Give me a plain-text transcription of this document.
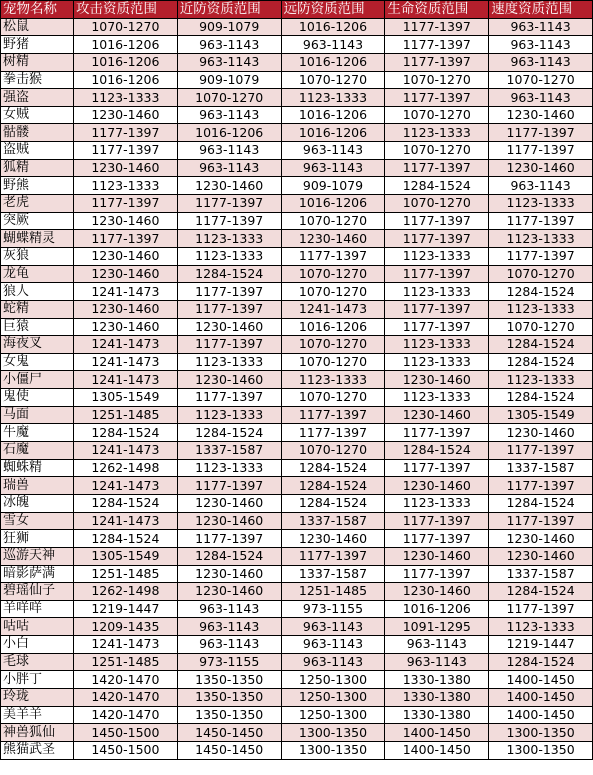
宠物名称	攻击资质范围	近防资质范围	远防资质范围	生命资质范围	速度资质范围
松鼠	1070-1270	909-1079	1016-1206	1177-1397	963-1143
野猪	1016-1206	963-1143	963-1143	1177-1397	963-1143
树精	1016-1206	963-1143	1016-1206	1177-1397	963-1143
拳击猴	1016-1206	909-1079	1070-1270	1070-1270	1070-1270
强盗	1123-1333	1070-1270	1123-1333	1177-1397	963-1143
女贼	1230-1460	963-1143	1016-1206	1070-1270	1230-1460
骷髅	1177-1397	1016-1206	1016-1206	1123-1333	1177-1397
盗贼	1177-1397	963-1143	963-1143	1070-1270	1177-1397
狐精	1230-1460	963-1143	963-1143	1177-1397	1230-1460
野熊	1123-1333	1230-1460	909-1079	1284-1524	963-1143
老虎	1177-1397	1177-1397	1016-1206	1070-1270	1123-1333
突厥	1230-1460	1177-1397	1070-1270	1177-1397	1177-1397
蝴蝶精灵	1177-1397	1123-1333	1230-1460	1177-1397	1123-1333
灰狼	1230-1460	1123-1333	1177-1397	1123-1333	1177-1397
龙龟	1230-1460	1284-1524	1070-1270	1177-1397	1070-1270
狼人	1241-1473	1177-1397	1070-1270	1123-1333	1284-1524
蛇精	1230-1460	1177-1397	1241-1473	1177-1397	1123-1333
巨猿	1230-1460	1230-1460	1016-1206	1177-1397	1070-1270
海夜叉	1241-1473	1177-1397	1070-1270	1123-1333	1284-1524
女鬼	1241-1473	1123-1333	1070-1270	1123-1333	1284-1524
小僵尸	1241-1473	1230-1460	1123-1333	1230-1460	1123-1333
鬼使	1305-1549	1177-1397	1070-1270	1123-1333	1284-1524
马面	1251-1485	1123-1333	1177-1397	1230-1460	1305-1549
牛魔	1284-1524	1284-1524	1177-1397	1177-1397	1230-1460
石魔	1241-1473	1337-1587	1070-1270	1284-1524	1177-1397
蜘蛛精	1262-1498	1123-1333	1284-1524	1177-1397	1337-1587
瑞兽	1241-1473	1177-1397	1284-1524	1230-1460	1177-1397
冰魄	1284-1524	1230-1460	1284-1524	1123-1333	1284-1524
雪女	1241-1473	1230-1460	1337-1587	1177-1397	1177-1397
狂狮	1284-1524	1177-1397	1230-1460	1177-1397	1230-1460
巡游天神	1305-1549	1284-1524	1177-1397	1230-1460	1230-1460
暗影萨满	1251-1485	1230-1460	1337-1587	1177-1397	1337-1587
碧瑶仙子	1262-1498	1230-1460	1251-1485	1230-1460	1284-1524
羊咩咩	1219-1447	963-1143	973-1155	1016-1206	1177-1397
咕咕	1209-1435	963-1143	963-1143	1091-1295	1123-1333
小白	1241-1473	963-1143	963-1143	963-1143	1219-1447
毛球	1251-1485	973-1155	963-1143	963-1143	1284-1524
小胖丁	1420-1470	1350-1350	1250-1300	1330-1380	1400-1450
玲珑	1420-1470	1350-1350	1250-1300	1330-1380	1400-1450
美羊羊	1420-1470	1350-1350	1250-1300	1330-1380	1400-1450
神兽狐仙	1450-1500	1450-1450	1300-1350	1400-1450	1300-1350
熊猫武圣	1450-1500	1450-1450	1300-1350	1400-1450	1300-1350
